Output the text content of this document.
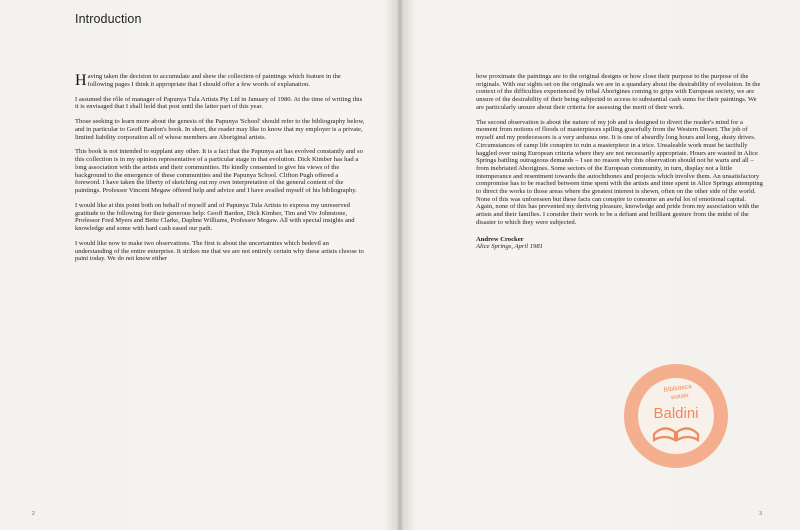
Introduction

Having taken the decision to accumulate and shew the collection of paintings which feature in the following pages I think it appropriate that I should offer a few words of explanation.

I assumed the rôle of manager of Papunya Tula Artists Pty Ltd in January of 1980. At the time of writing this it is envisaged that I shall hold that post until the latter part of this year.

Those seeking to learn more about the genesis of the Papunya 'School' should refer to the bibliography below, and in particular to Geoff Bardon's book. In short, the reader may like to know that my employer is a private, limited liability corporation all of whose members are Aboriginal artists.

This book is not intended to supplant any other. It is a fact that the Papunya art has evolved constantly and so this collection is in my opinion representative of a particular stage in that evolution. Dick Kimber has had a long association with the artists and their communities. He kindly consented to give his views of the background to the emergence of these communities and the Papunya School. Clifton Pugh offered a foreword. I have taken the liberty of sketching out my own interpretation of the general content of the paintings. Professor Vincent Megaw offered help and advice and I have availed myself of his bibliography.

I would like at this point both on behalf of myself and of Papunya Tula Artists to express my unreserved gratitude to the following for their generous help: Geoff Bardon, Dick Kimber, Tim and Viv Johnstone, Professor Fred Myers and Bette Clarke, Daphne Williams, Professor Megaw. All with special insights and knowledge and some with hard cash eased our path.

I would like now to make two observations. The first is about the uncertainties which bedevil an understanding of the entire enterprise. It strikes me that we are not entirely certain why these artists choose to paint today. We do not know either

2

how proximate the paintings are to the original designs or how close their purpose to the purpose of the originals. With our sights set on the originals we are in a quandary about the desirability of evolution. In the context of the difficulties experienced by tribal Aborigines coming to grips with European society, we are unsure of the desirability of their being subjected to access to substantial cash sums for their paintings. We are particularly unsure about their criteria for assessing the merit of their work.

The second observation is about the nature of my job and is designed to divert the reader's mind for a moment from notions of floods of masterpieces spilling gracefully from the Western Desert. The job of myself and my predecessors is a very arduous one. It is one of absurdly long hours and long, dusty drives. Circumstances of camp life conspire to ruin a masterpiece in a trice. Unsaleable work must be tactfully haggled over using European criteria where they are not necessarily appropriate. Hours are wasted in Alice Springs battling outrageous demands – I see no reason why this observation should not be warts and all – from inebriated Aborigines. Some sectors of the European community, in turn, display not a little intemperance and resentment towards the autochthones and projects which involve them. An unsatisfactory compromise has to be reached between time spent with the artists and time spent in Alice Springs attempting to direct the works to those areas where the greatest interest is shewn, often on the other side of the world. None of this was unforeseen but these facts can conspire to consume an awful lot of emotional capital. Again, none of this has prevented my deriving pleasure, knowledge and pride from my association with the artists and their families. I consider their work to be a defiant and brilliant gesture from the midst of the disaster to which they were subjected.

Andrew Crocker
Alice Springs, April 1981
Biblioteca
statale
Baldini
3
